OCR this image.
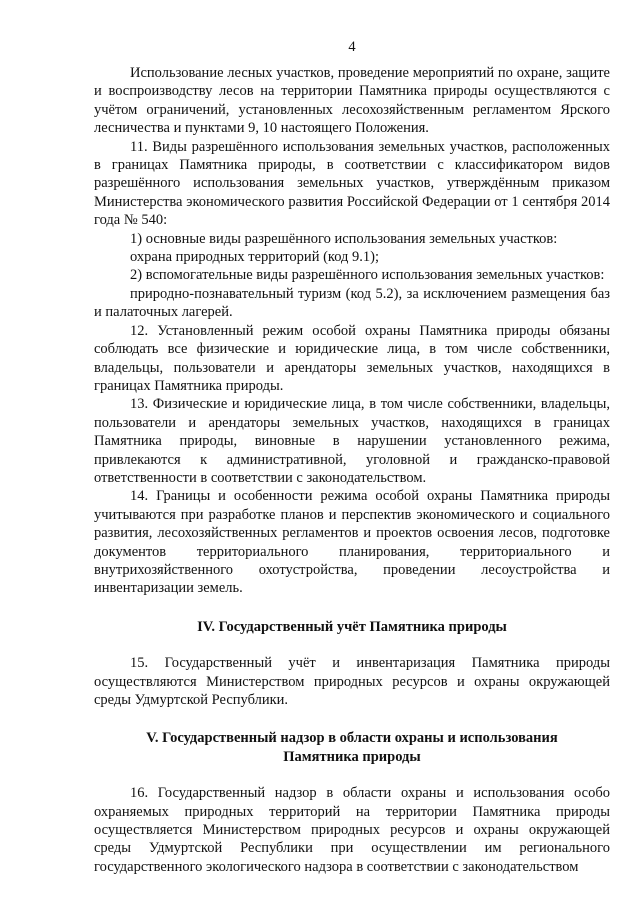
4

Использование лесных участков, проведение мероприятий по охране, защите и воспроизводству лесов на территории Памятника природы осуществляются с учётом ограничений, установленных лесохозяйственным регламентом Ярского лесничества и пунктами 9, 10 настоящего Положения.

11. Виды разрешённого использования земельных участков, расположенных в границах Памятника природы, в соответствии с классификатором видов разрешённого использования земельных участков, утверждённым приказом Министерства экономического развития Российской Федерации от 1 сентября 2014 года № 540:

1) основные виды разрешённого использования земельных участков:

охрана природных территорий (код 9.1);

2) вспомогательные виды разрешённого использования земельных участков:

природно-познавательный туризм (код 5.2), за исключением размещения баз и палаточных лагерей.

12. Установленный режим особой охраны Памятника природы обязаны соблюдать все физические и юридические лица, в том числе собственники, владельцы, пользователи и арендаторы земельных участков, находящихся в границах Памятника природы.

13. Физические и юридические лица, в том числе собственники, владельцы, пользователи и арендаторы земельных участков, находящихся в границах Памятника природы, виновные в нарушении установленного режима, привлекаются к административной, уголовной и гражданско-правовой ответственности в соответствии с законодательством.

14. Границы и особенности режима особой охраны Памятника природы учитываются при разработке планов и перспектив экономического и социального развития, лесохозяйственных регламентов и проектов освоения лесов, подготовке документов территориального планирования, территориального и внутрихозяйственного охотустройства, проведении лесоустройства и инвентаризации земель.

IV. Государственный учёт Памятника природы

15. Государственный учёт и инвентаризация Памятника природы осуществляются Министерством природных ресурсов и охраны окружающей среды Удмуртской Республики.

V. Государственный надзор в области охраны и использования
Памятника природы

16. Государственный надзор в области охраны и использования особо охраняемых природных территорий на территории Памятника природы осуществляется Министерством природных ресурсов и охраны окружающей среды Удмуртской Республики при осуществлении им регионального государственного экологического надзора в соответствии с законодательством
